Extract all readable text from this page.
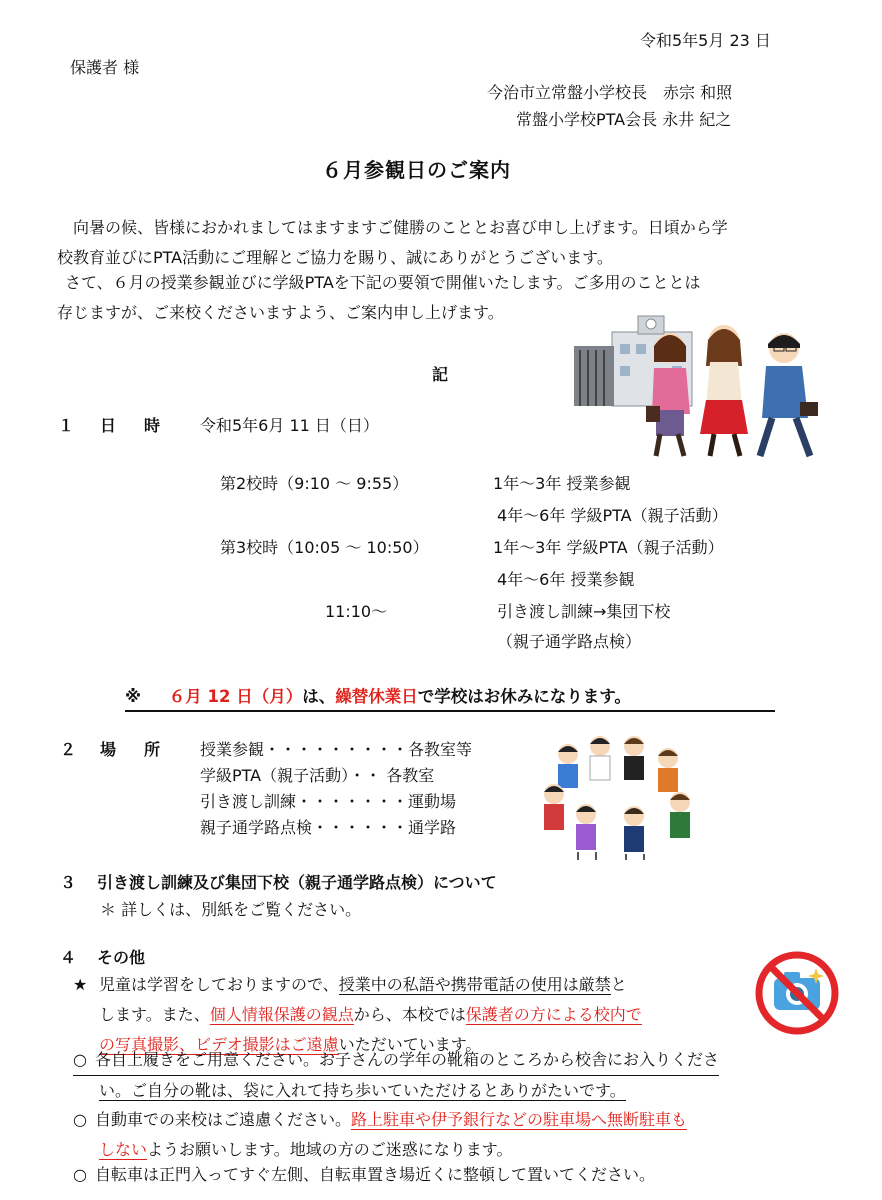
令和5年5月 23 日
保護者 様
今治市立常盤小学校長　赤宗 和照
常盤小学校PTA会長 永井 紀之
６月参観日のご案内
向暑の候、皆様におかれましてはますますご健勝のこととお喜び申し上げます。日頃から学
校教育並びにPTA活動にご理解とご協力を賜り、誠にありがとうございます。
さて、６月の授業参観並びに学級PTAを下記の要領で開催いたします。ご多用のこととは
存じますが、ご来校くださいますよう、ご案内申し上げます。
記
１ 日　時 令和5年6月 11 日（日）
第2校時（9:10 ～ 9:55）	1年～3年 授業参観
4年～6年 学級PTA（親子活動）
第3校時（10:05 ～ 10:50）	1年～3年 学級PTA（親子活動）
4年～6年 授業参観
11:10～	引き渡し訓練→集団下校
（親子通学路点検）
※ ６月 12 日（月）は、繰替休業日で学校はお休みになります。
２ 場　所 授業参観・・・・・・・・・各教室等
学級PTA（親子活動）・・ 各教室
引き渡し訓練・・・・・・・運動場
親子通学路点検・・・・・・通学路
３ 引き渡し訓練及び集団下校（親子通学路点検）について
＊ 詳しくは、別紙をご覧ください。
４ その他
★ 児童は学習をしておりますので、授業中の私語や携帯電話の使用は厳禁と
します。また、個人情報保護の観点から、本校では保護者の方による校内で
の写真撮影、ビデオ撮影はご遠慮いただいています。
○ 各自上履きをご用意ください。お子さんの学年の靴箱のところから校舎にお入りくださ
い。ご自分の靴は、袋に入れて持ち歩いていただけるとありがたいです。
○ 自動車での来校はご遠慮ください。路上駐車や伊予銀行などの駐車場へ無断駐車も
しないようお願いします。地域の方のご迷惑になります。
○ 自転車は正門入ってすぐ左側、自転車置き場近くに整頓して置いてください。
